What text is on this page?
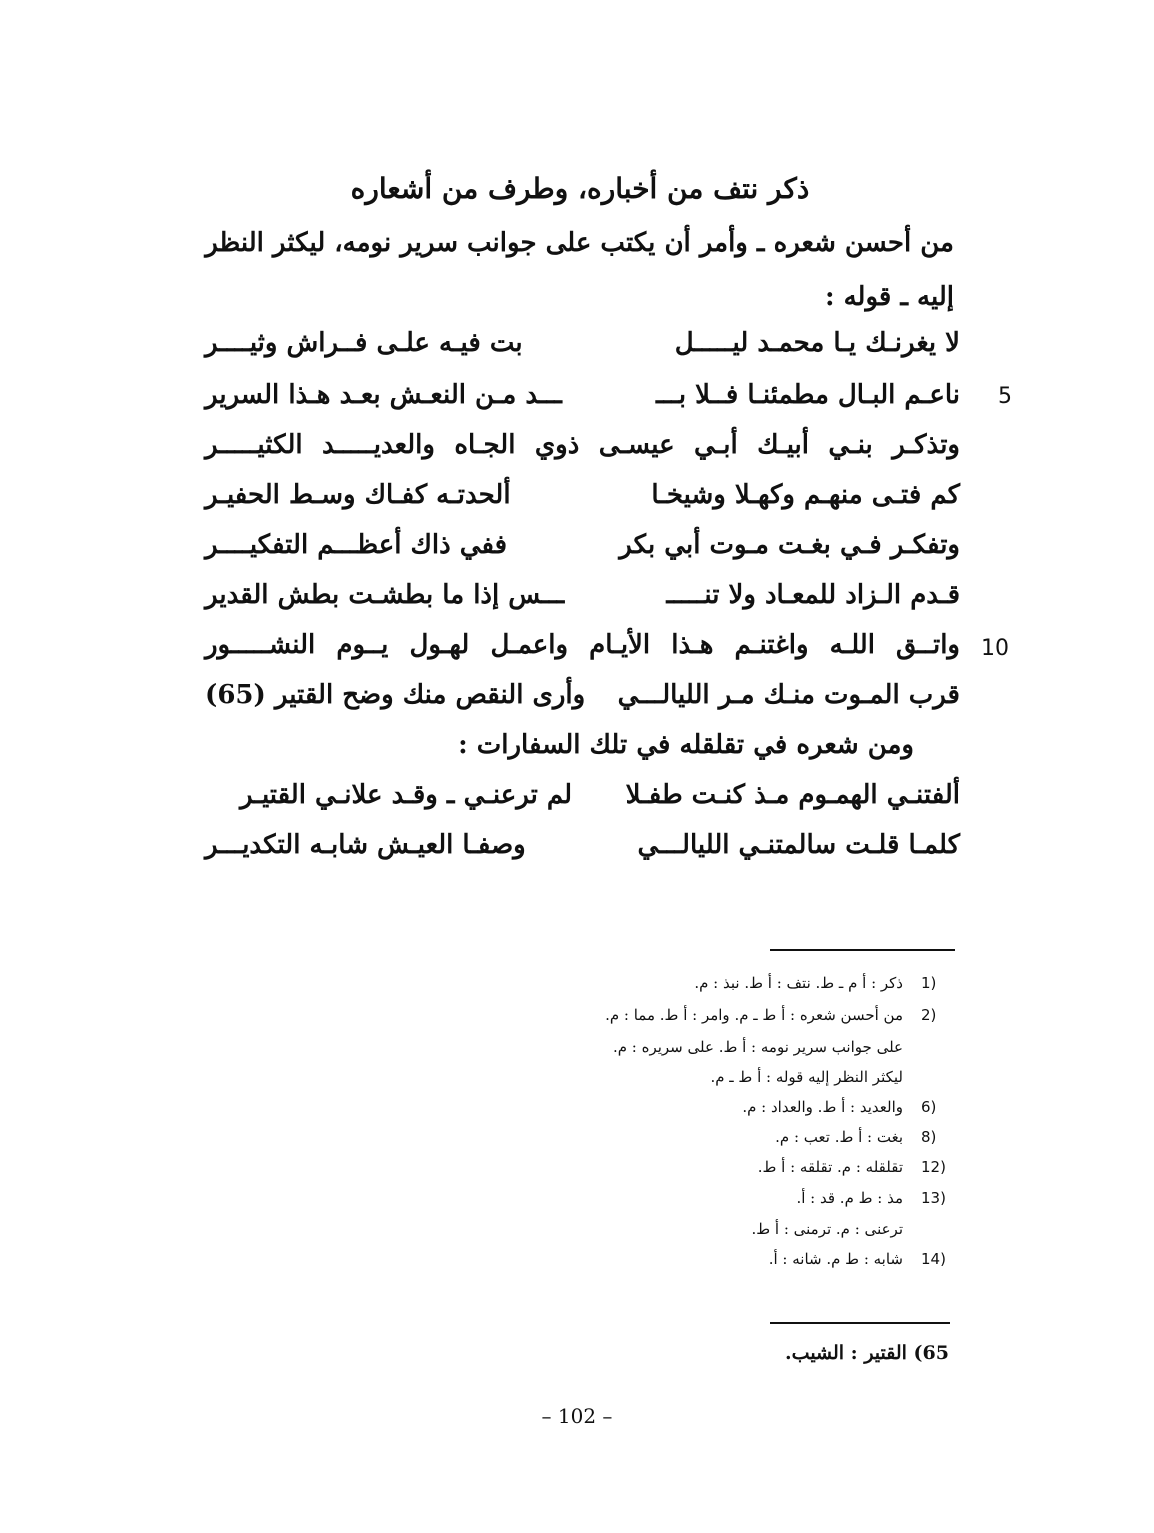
ذكر نتف من أخباره، وطرف من أشعاره
من أحسن شعره ـ وأمر أن يكتب على جوانب سرير نومه، ليكثر النظر
إليه ـ قوله :
لا يغرنـك يـا محمـد ليـــــل
بت فيـه علـى فــراش وثيــــر
ناعـم البـال مطمئنـا فــلا بـــ
ـــد مـن النعـش بعـد هـذا السرير	5
وتذكـر بنـي أبيـك أبـي عيسـى ذوي الجـاه والعديـــــد الكثيـــــر
كم فتـى منهـم وكهـلا وشيخـا
ألحدتـه كفـاك وسـط الحفيـر
وتفكـر فـي بغـت مـوت أبي بكر
ففي ذاك أعظـــم التفكيــــر
قـدم الـزاد للمعـاد ولا تنـــــ
ـــس إذا ما بطشـت بطش القدير
واتــق اللـه واغتنـم هـذا الأيـام واعمـل لهـول يــوم النشـــــور 10
قرب المـوت منـك مـر الليالـــي
وأرى النقص منك وضح القتير (65)
ومن شعره في تقلقله في تلك السفارات :
ألفتنـي الهمـوم مـذ كنـت طفـلا
لم ترعنـي ـ وقـد علانـي القتيـر
كلمـا قلـت سالمتنـي الليالـــي
وصفـا العيـش شابـه التكديـــر
(1
ذكر : أ م ـ ط. نتف : أ ط. نبذ : م.
(2
من أحسن شعره : أ ط ـ م. وامر : أ ط. مما : م.
على جوانب سرير نومه : أ ط. على سريره : م.
ليكثر النظر إليه قوله : أ ط ـ م.
(6
والعديد : أ ط. والعداد : م.
(8
بغت : أ ط. تعب : م.
(12
تقلقله : م. تقلقه : أ ط.
(13
مذ : ط م. قد : أ.
ترعنى : م. ترمنى : أ ط.
(14
شابه : ط م. شانه : أ.
65) القتير : الشيب.
– 102 –
